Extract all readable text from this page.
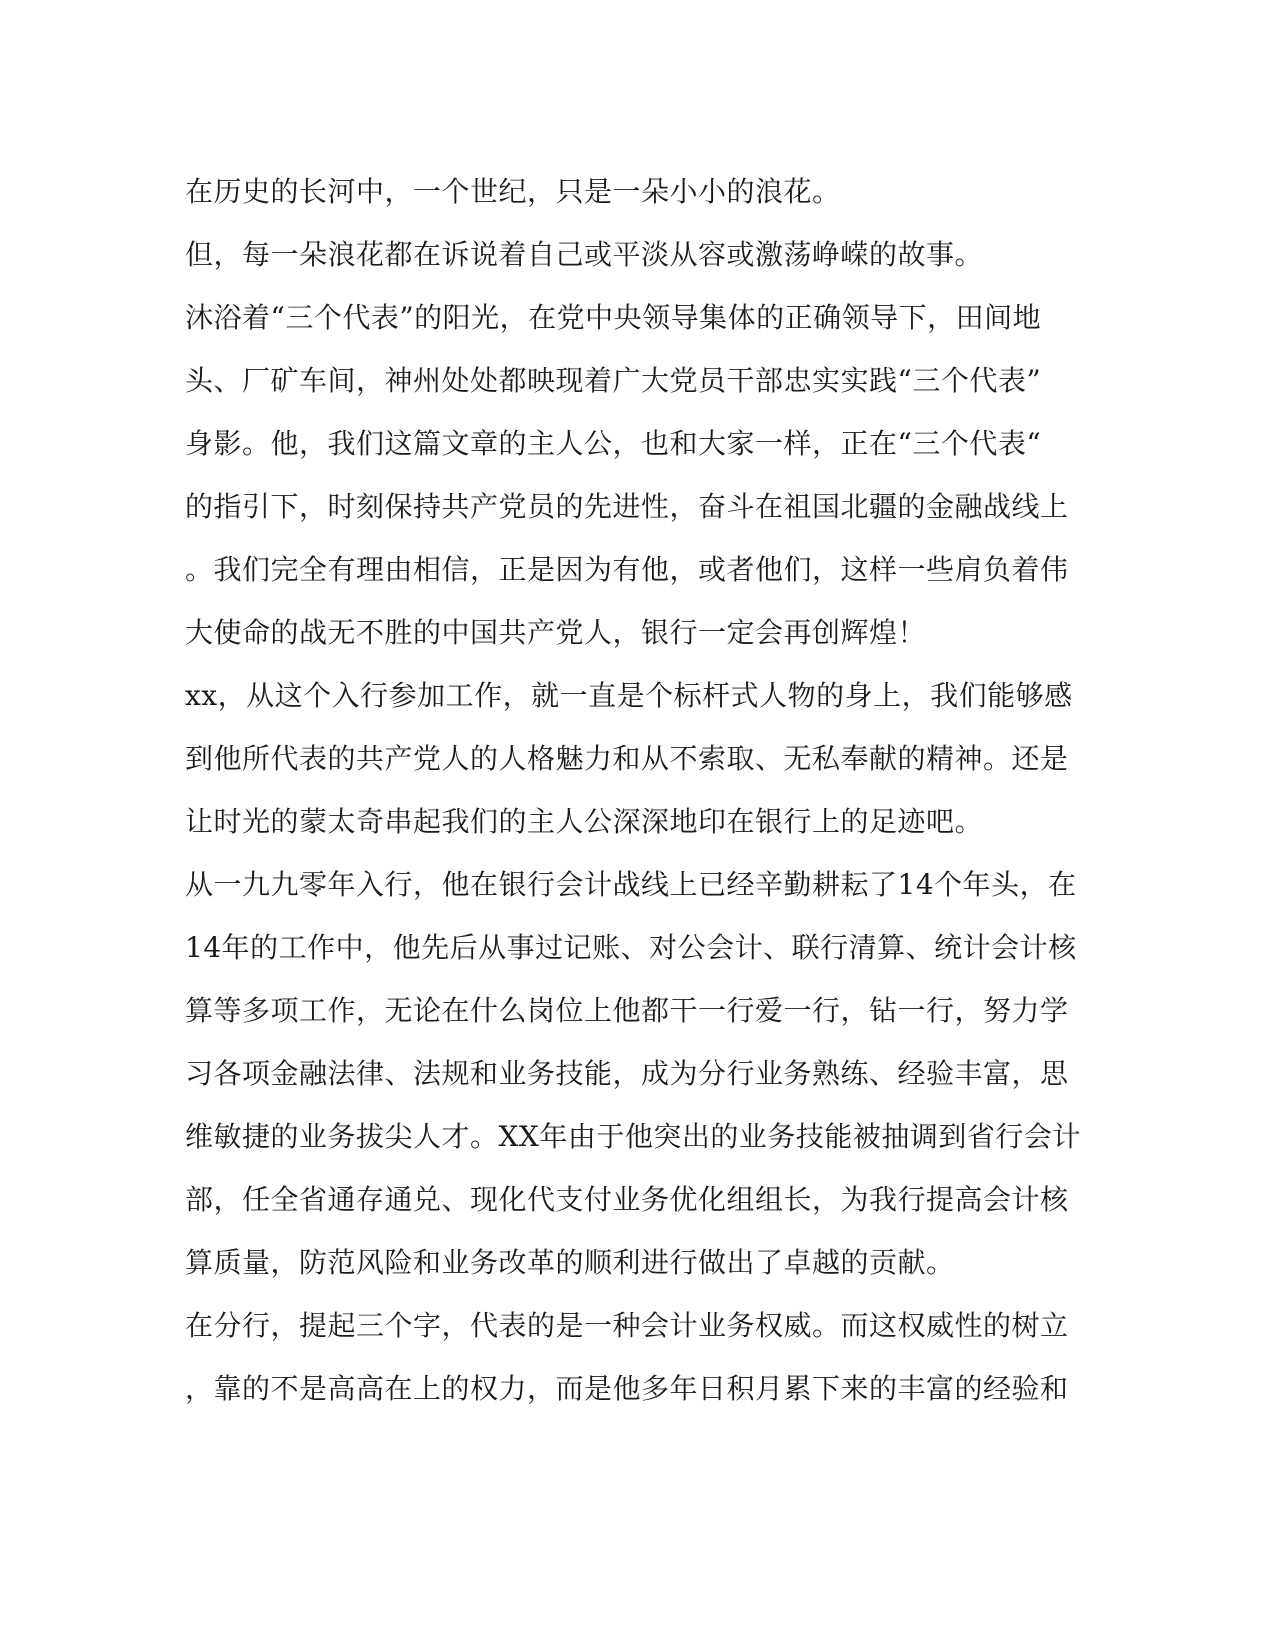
在历史的长河中，一个世纪，只是一朵小小的浪花。
但，每一朵浪花都在诉说着自己或平淡从容或激荡峥嵘的故事。
沐浴着“三个代表”的阳光，在党中央领导集体的正确领导下，田间地
头、厂矿车间，神州处处都映现着广大党员干部忠实实践“三个代表”
身影。他，我们这篇文章的主人公，也和大家一样，正在“三个代表“
的指引下，时刻保持共产党员的先进性，奋斗在祖国北疆的金融战线上
。我们完全有理由相信，正是因为有他，或者他们，这样一些肩负着伟
大使命的战无不胜的中国共产党人，银行一定会再创辉煌！
xx，从这个入行参加工作，就一直是个标杆式人物的身上，我们能够感
到他所代表的共产党人的人格魅力和从不索取、无私奉献的精神。还是
让时光的蒙太奇串起我们的主人公深深地印在银行上的足迹吧。
从一九九零年入行，他在银行会计战线上已经辛勤耕耘了14个年头，在
14年的工作中，他先后从事过记账、对公会计、联行清算、统计会计核
算等多项工作，无论在什么岗位上他都干一行爱一行，钻一行，努力学
习各项金融法律、法规和业务技能，成为分行业务熟练、经验丰富，思
维敏捷的业务拔尖人才。XX年由于他突出的业务技能被抽调到省行会计
部，任全省通存通兑、现化代支付业务优化组组长，为我行提高会计核
算质量，防范风险和业务改革的顺利进行做出了卓越的贡献。
在分行，提起三个字，代表的是一种会计业务权威。而这权威性的树立
，靠的不是高高在上的权力，而是他多年日积月累下来的丰富的经验和
